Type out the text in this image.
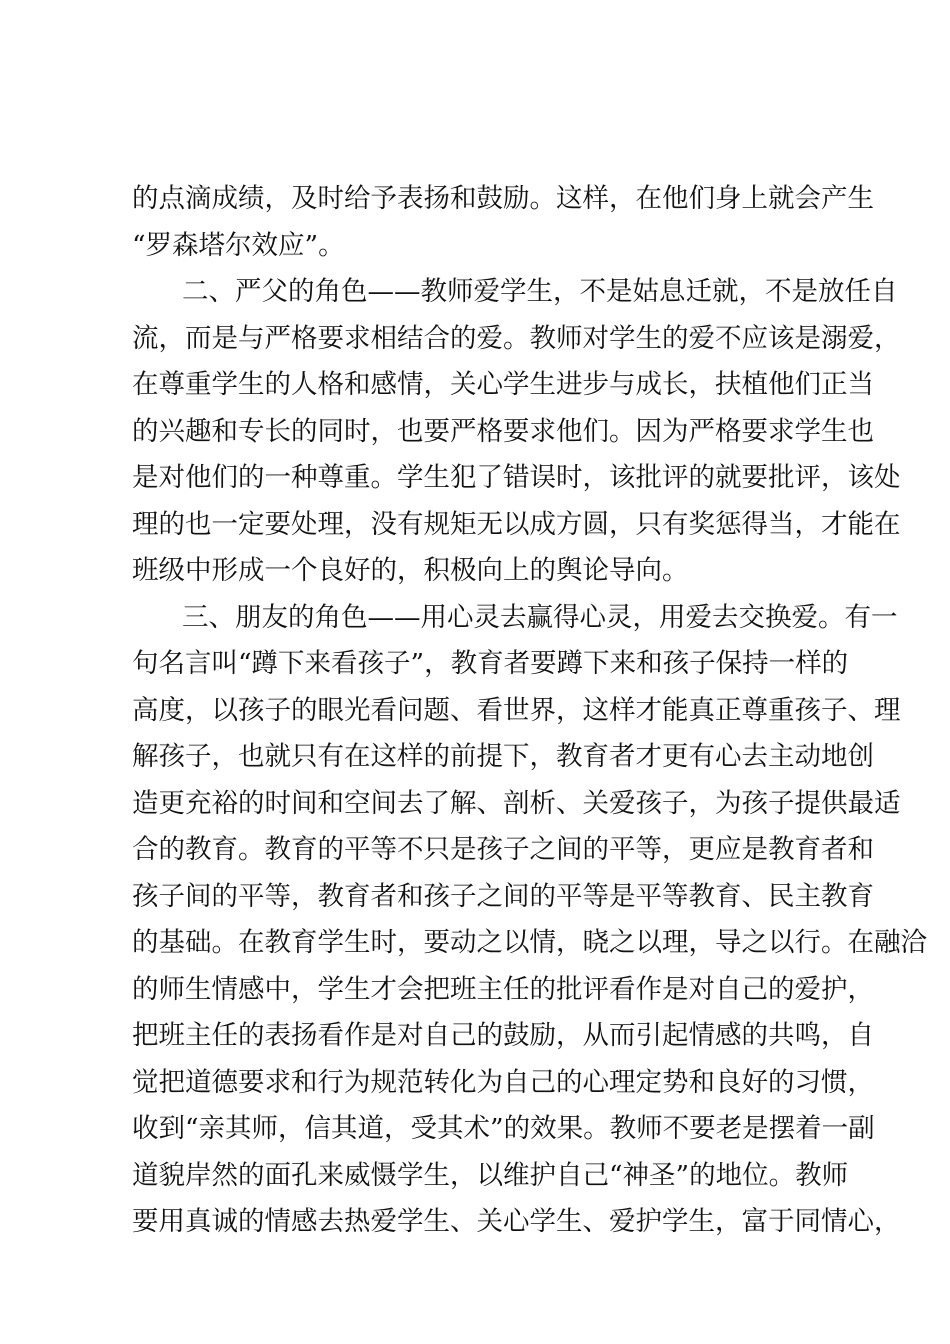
的点滴成绩，及时给予表扬和鼓励。这样，在他们身上就会产生
“罗森塔尔效应”。
二、严父的角色——教师爱学生，不是姑息迁就，不是放任自
流，而是与严格要求相结合的爱。教师对学生的爱不应该是溺爱，
在尊重学生的人格和感情，关心学生进步与成长，扶植他们正当
的兴趣和专长的同时，也要严格要求他们。因为严格要求学生也
是对他们的一种尊重。学生犯了错误时，该批评的就要批评，该处
理的也一定要处理，没有规矩无以成方圆，只有奖惩得当，才能在
班级中形成一个良好的，积极向上的舆论导向。
三、朋友的角色——用心灵去赢得心灵，用爱去交换爱。有一
句名言叫“蹲下来看孩子”，教育者要蹲下来和孩子保持一样的
高度，以孩子的眼光看问题、看世界，这样才能真正尊重孩子、理
解孩子，也就只有在这样的前提下，教育者才更有心去主动地创
造更充裕的时间和空间去了解、剖析、关爱孩子，为孩子提供最适
合的教育。教育的平等不只是孩子之间的平等，更应是教育者和
孩子间的平等，教育者和孩子之间的平等是平等教育、民主教育
的基础。在教育学生时，要动之以情，晓之以理，导之以行。在融洽
的师生情感中，学生才会把班主任的批评看作是对自己的爱护，
把班主任的表扬看作是对自己的鼓励，从而引起情感的共鸣，自
觉把道德要求和行为规范转化为自己的心理定势和良好的习惯，
收到“亲其师，信其道，受其术”的效果。教师不要老是摆着一副
道貌岸然的面孔来威慑学生，以维护自己“神圣”的地位。教师
要用真诚的情感去热爱学生、关心学生、爱护学生，富于同情心，
